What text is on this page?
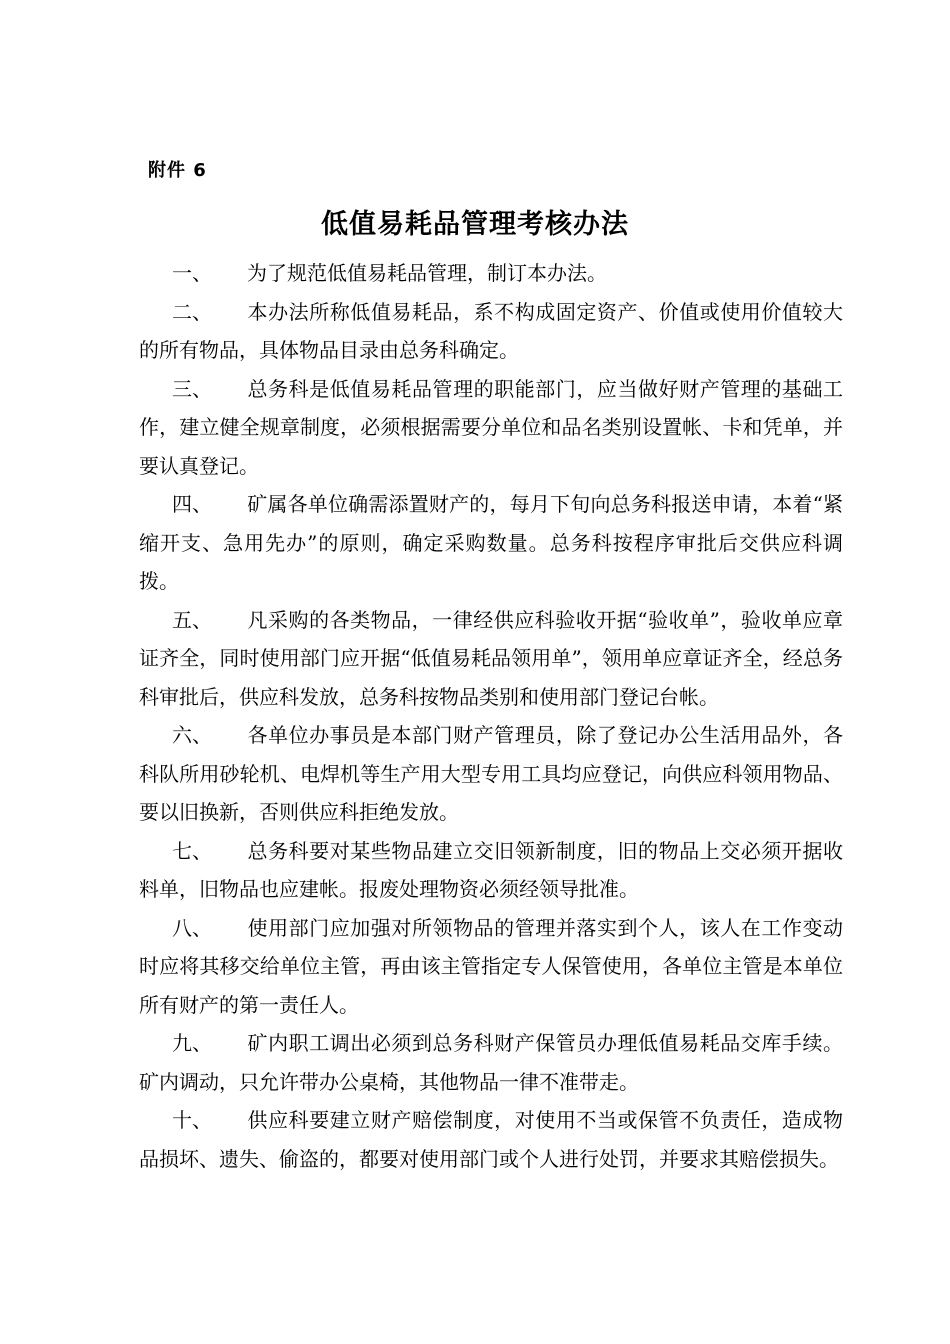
附件 6
低值易耗品管理考核办法

一、 为了规范低值易耗品管理，制订本办法。

二、 本办法所称低值易耗品，系不构成固定资产、价值或使用价值较大的所有物品，具体物品目录由总务科确定。

三、 总务科是低值易耗品管理的职能部门，应当做好财产管理的基础工作，建立健全规章制度，必须根据需要分单位和品名类别设置帐、卡和凭单，并要认真登记。

四、 矿属各单位确需添置财产的，每月下旬向总务科报送申请，本着“紧缩开支、急用先办”的原则，确定采购数量。总务科按程序审批后交供应科调拨。

五、 凡采购的各类物品，一律经供应科验收开据“验收单”，验收单应章证齐全，同时使用部门应开据“低值易耗品领用单”，领用单应章证齐全，经总务科审批后，供应科发放，总务科按物品类别和使用部门登记台帐。

六、 各单位办事员是本部门财产管理员，除了登记办公生活用品外，各科队所用砂轮机、电焊机等生产用大型专用工具均应登记，向供应科领用物品、要以旧换新，否则供应科拒绝发放。

七、 总务科要对某些物品建立交旧领新制度，旧的物品上交必须开据收料单，旧物品也应建帐。报废处理物资必须经领导批准。

八、 使用部门应加强对所领物品的管理并落实到个人，该人在工作变动时应将其移交给单位主管，再由该主管指定专人保管使用，各单位主管是本单位所有财产的第一责任人。

九、 矿内职工调出必须到总务科财产保管员办理低值易耗品交库手续。矿内调动，只允许带办公桌椅，其他物品一律不准带走。

十、 供应科要建立财产赔偿制度，对使用不当或保管不负责任，造成物品损坏、遗失、偷盗的，都要对使用部门或个人进行处罚，并要求其赔偿损失。
